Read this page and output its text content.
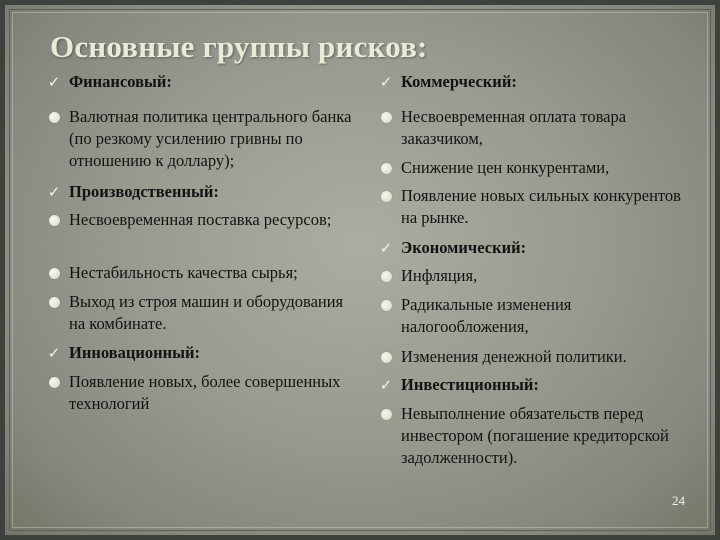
Основные группы рисков:
✓ Финансовый:
Валютная политика центрального банка (по резкому усилению гривны по отношению к доллару);
✓ Производственный:
Несвоевременная поставка ресурсов;
Нестабильность качества сырья;
Выход из строя машин и оборудования на комбинате.
✓ Инновационный:
Появление новых, более совершенных технологий
✓ Коммерческий:
Несвоевременная оплата товара заказчиком,
Снижение цен конкурентами,
Появление новых сильных конкурентов на рынке.
✓ Экономический:
Инфляция,
Радикальные изменения налогообложения,
Изменения денежной политики.
✓ Инвестиционный:
Невыполнение обязательств перед инвестором (погашение кредиторской задолженности).
24
